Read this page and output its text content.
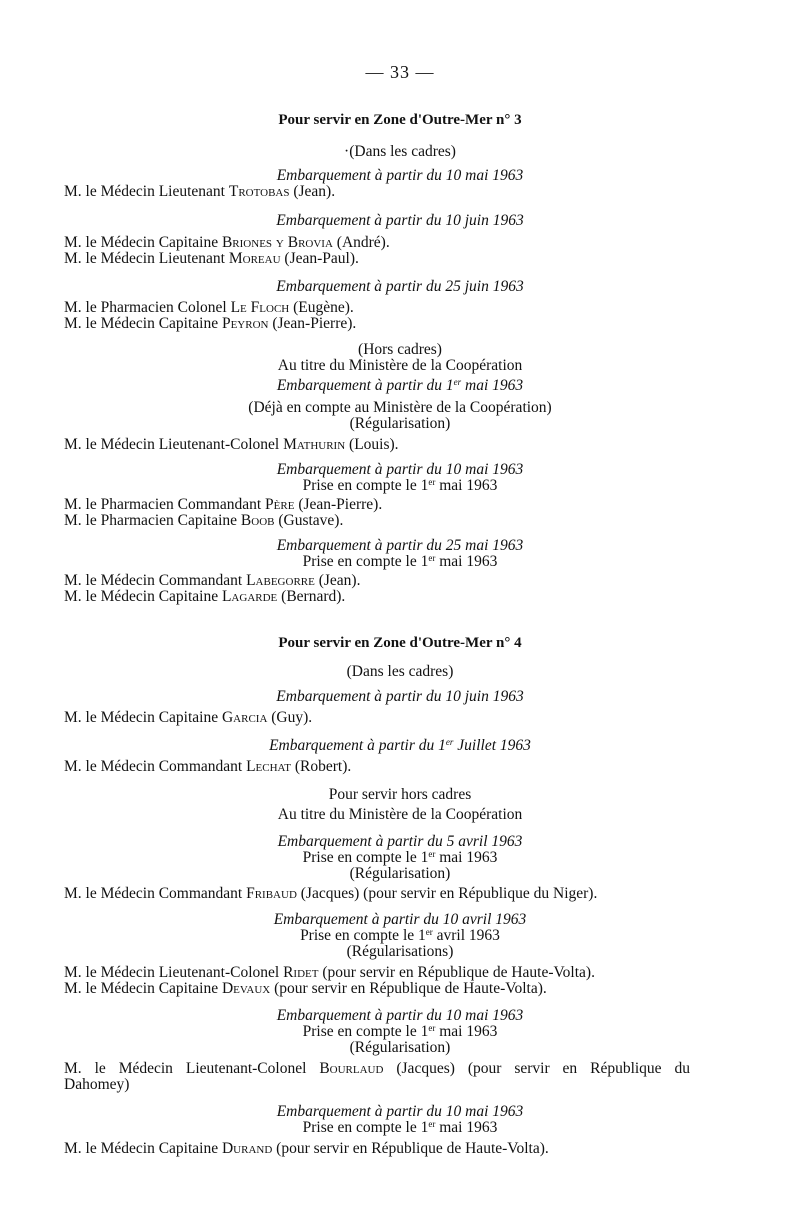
— 33 —
Pour servir en Zone d'Outre-Mer n° 3
·(Dans les cadres)
Embarquement à partir du 10 mai 1963
M. le Médecin Lieutenant Trotobas (Jean).
Embarquement à partir du 10 juin 1963
M. le Médecin Capitaine Briones y Brovia (André).
M. le Médecin Lieutenant Moreau (Jean-Paul).
Embarquement à partir du 25 juin 1963
M. le Pharmacien Colonel Le Floch (Eugène).
M. le Médecin Capitaine Peyron (Jean-Pierre).
(Hors cadres)
Au titre du Ministère de la Coopération
Embarquement à partir du 1er mai 1963
(Déjà en compte au Ministère de la Coopération)
(Régularisation)
M. le Médecin Lieutenant-Colonel Mathurin (Louis).
Embarquement à partir du 10 mai 1963
Prise en compte le 1er mai 1963
M. le Pharmacien Commandant Père (Jean-Pierre).
M. le Pharmacien Capitaine Boob (Gustave).
Embarquement à partir du 25 mai 1963
Prise en compte le 1er mai 1963
M. le Médecin Commandant Labegorre (Jean).
M. le Médecin Capitaine Lagarde (Bernard).
Pour servir en Zone d'Outre-Mer n° 4
(Dans les cadres)
Embarquement à partir du 10 juin 1963
M. le Médecin Capitaine Garcia (Guy).
Embarquement à partir du 1er Juillet 1963
M. le Médecin Commandant Lechat (Robert).
Pour servir hors cadres
Au titre du Ministère de la Coopération
Embarquement à partir du 5 avril 1963
Prise en compte le 1er mai 1963
(Régularisation)
M. le Médecin Commandant Fribaud (Jacques) (pour servir en République du Niger).
Embarquement à partir du 10 avril 1963
Prise en compte le 1er avril 1963
(Régularisations)
M. le Médecin Lieutenant-Colonel Ridet (pour servir en République de Haute-Volta).
M. le Médecin Capitaine Devaux (pour servir en République de Haute-Volta).
Embarquement à partir du 10 mai 1963
Prise en compte le 1er mai 1963
(Régularisation)
M. le Médecin Lieutenant-Colonel Bourlaud (Jacques) (pour servir en République du Dahomey)
Embarquement à partir du 10 mai 1963
Prise en compte le 1er mai 1963
M. le Médecin Capitaine Durand (pour servir en République de Haute-Volta).
